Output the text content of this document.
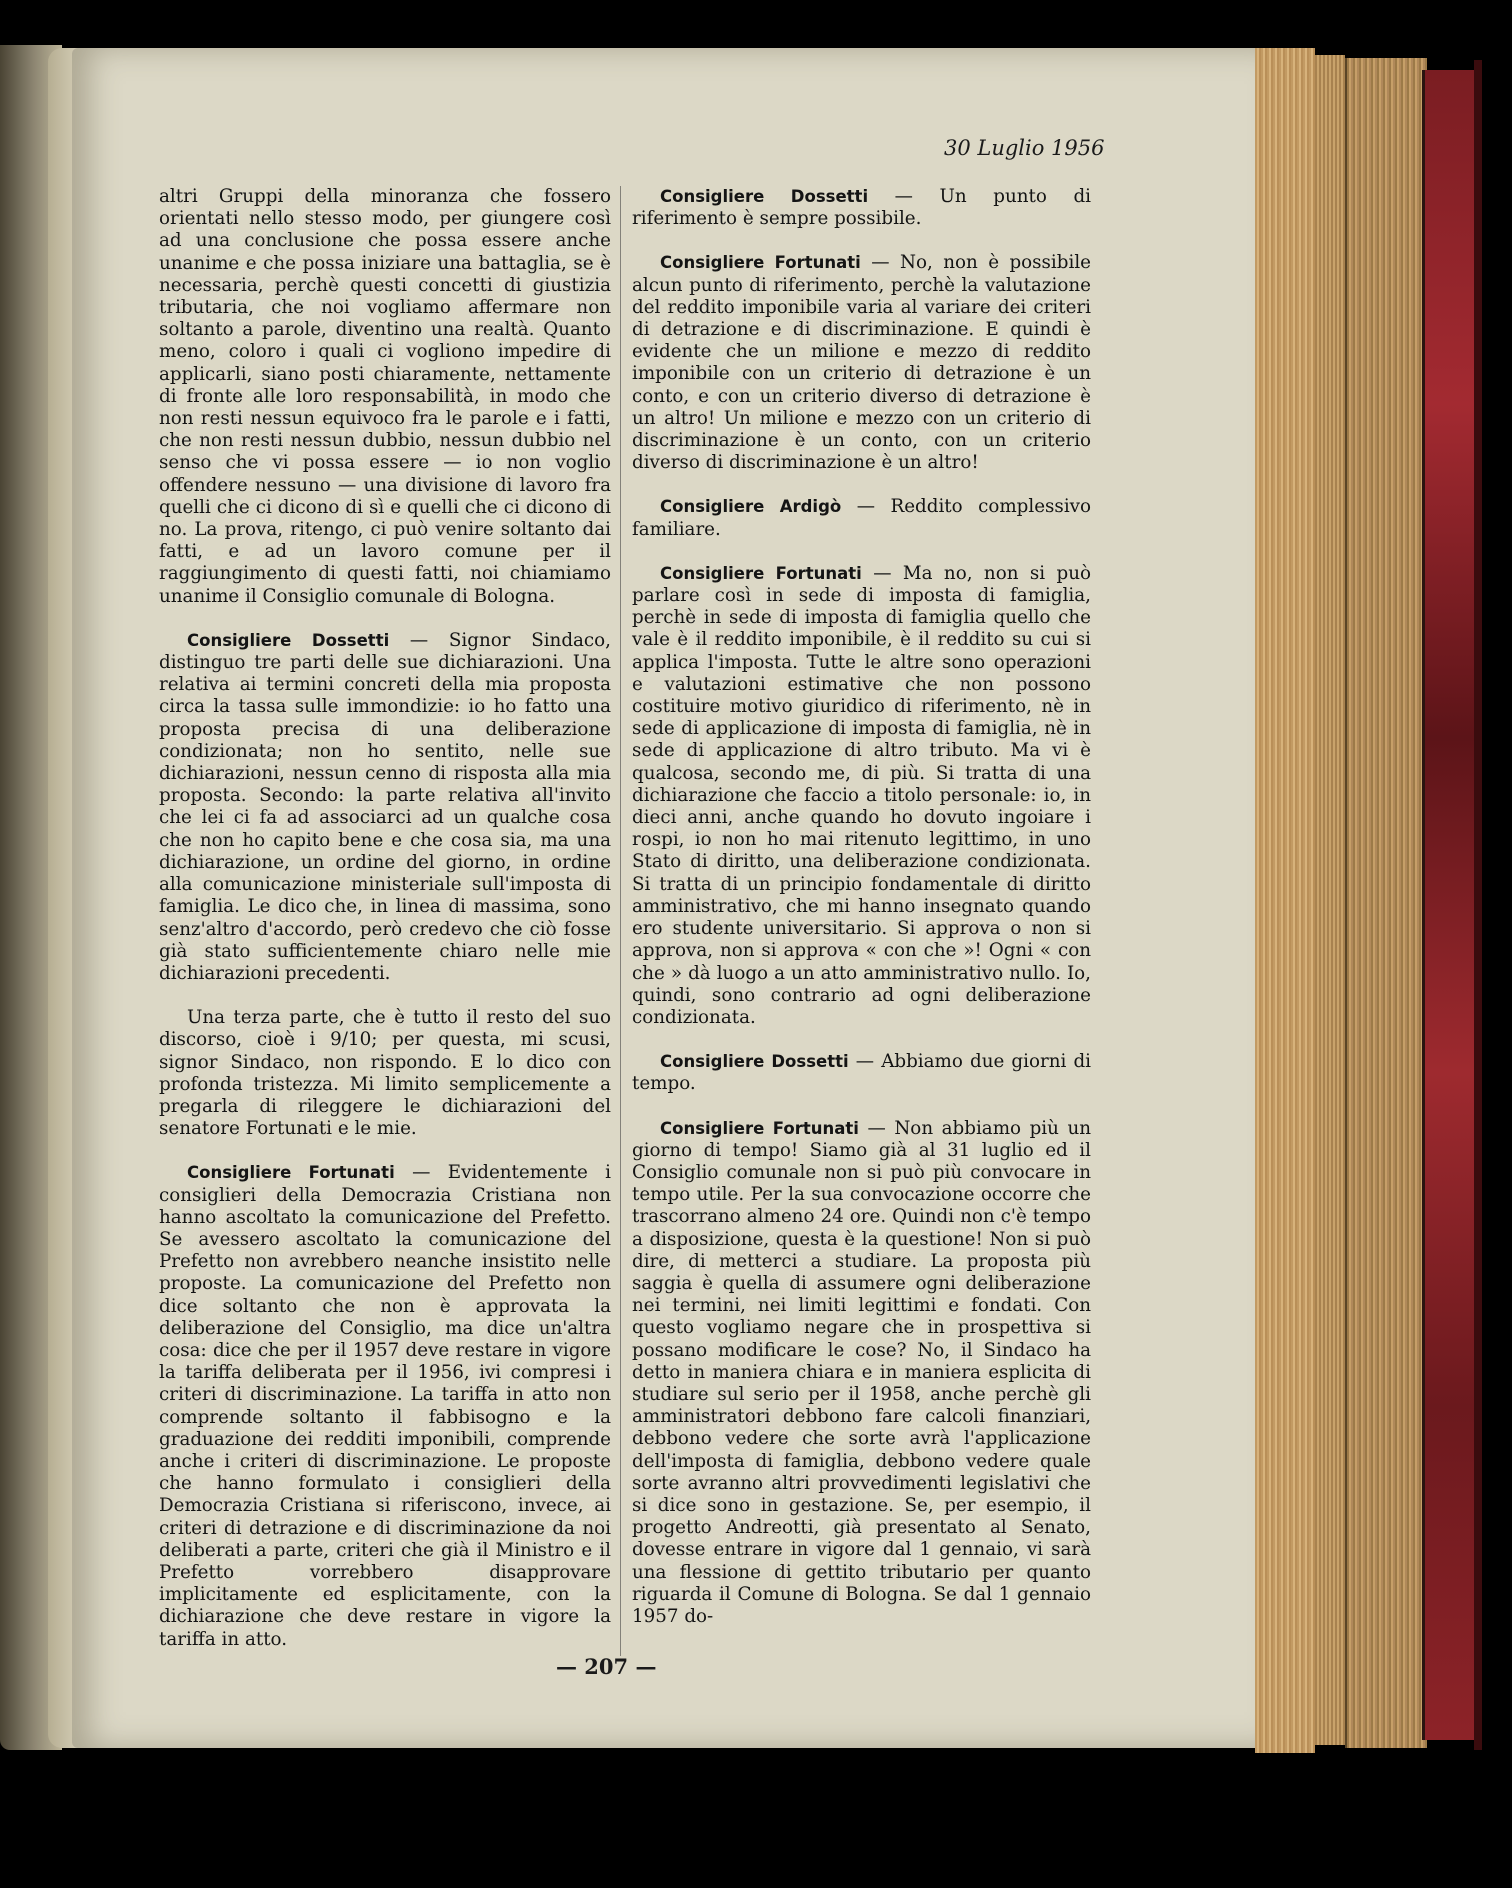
30 Luglio 1956

altri Gruppi della minoranza che fossero orientati nello stesso modo, per giungere così ad una conclusione che possa essere anche unanime e che possa iniziare una battaglia, se è necessaria, perchè questi concetti di giustizia tributaria, che noi vogliamo affermare non soltanto a parole, diventino una realtà. Quanto meno, coloro i quali ci vogliono impedire di applicarli, siano posti chiaramente, nettamente di fronte alle loro responsabilità, in modo che non resti nessun equivoco fra le parole e i fatti, che non resti nessun dubbio, nessun dubbio nel senso che vi possa essere — io non voglio offendere nessuno — una divisione di lavoro fra quelli che ci dicono di sì e quelli che ci dicono di no. La prova, ritengo, ci può venire soltanto dai fatti, e ad un lavoro comune per il raggiungimento di questi fatti, noi chiamiamo unanime il Consiglio comunale di Bologna.

Consigliere Dossetti — Signor Sindaco, distinguo tre parti delle sue dichiarazioni. Una relativa ai termini concreti della mia proposta circa la tassa sulle immondizie: io ho fatto una proposta precisa di una deliberazione condizionata; non ho sentito, nelle sue dichiarazioni, nessun cenno di risposta alla mia proposta. Secondo: la parte relativa all'invito che lei ci fa ad associarci ad un qualche cosa che non ho capito bene e che cosa sia, ma una dichiarazione, un ordine del giorno, in ordine alla comunicazione ministeriale sull'imposta di famiglia. Le dico che, in linea di massima, sono senz'altro d'accordo, però credevo che ciò fosse già stato sufficientemente chiaro nelle mie dichiarazioni precedenti.

Una terza parte, che è tutto il resto del suo discorso, cioè i 9/10; per questa, mi scusi, signor Sindaco, non rispondo. E lo dico con profonda tristezza. Mi limito semplicemente a pregarla di rileggere le dichiarazioni del senatore Fortunati e le mie.

Consigliere Fortunati — Evidentemente i consiglieri della Democrazia Cristiana non hanno ascoltato la comunicazione del Prefetto. Se avessero ascoltato la comunicazione del Prefetto non avrebbero neanche insistito nelle proposte. La comunicazione del Prefetto non dice soltanto che non è approvata la deliberazione del Consiglio, ma dice un'altra cosa: dice che per il 1957 deve restare in vigore la tariffa deliberata per il 1956, ivi compresi i criteri di discriminazione. La tariffa in atto non comprende soltanto il fabbisogno e la graduazione dei redditi imponibili, comprende anche i criteri di discriminazione. Le proposte che hanno formulato i consiglieri della Democrazia Cristiana si riferiscono, invece, ai criteri di detrazione e di discriminazione da noi deliberati a parte, criteri che già il Ministro e il Prefetto vorrebbero disapprovare implicitamente ed esplicitamente, con la dichiarazione che deve restare in vigore la tariffa in atto.

Consigliere Dossetti — Un punto di riferimento è sempre possibile.

Consigliere Fortunati — No, non è possibile alcun punto di riferimento, perchè la valutazione del reddito imponibile varia al variare dei criteri di detrazione e di discriminazione. E quindi è evidente che un milione e mezzo di reddito imponibile con un criterio di detrazione è un conto, e con un criterio diverso di detrazione è un altro! Un milione e mezzo con un criterio di discriminazione è un conto, con un criterio diverso di discriminazione è un altro!

Consigliere Ardigò — Reddito complessivo familiare.

Consigliere Fortunati — Ma no, non si può parlare così in sede di imposta di famiglia, perchè in sede di imposta di famiglia quello che vale è il reddito imponibile, è il reddito su cui si applica l'imposta. Tutte le altre sono operazioni e valutazioni estimative che non possono costituire motivo giuridico di riferimento, nè in sede di applicazione di imposta di famiglia, nè in sede di applicazione di altro tributo. Ma vi è qualcosa, secondo me, di più. Si tratta di una dichiarazione che faccio a titolo personale: io, in dieci anni, anche quando ho dovuto ingoiare i rospi, io non ho mai ritenuto legittimo, in uno Stato di diritto, una deliberazione condizionata. Si tratta di un principio fondamentale di diritto amministrativo, che mi hanno insegnato quando ero studente universitario. Si approva o non si approva, non si approva « con che »! Ogni « con che » dà luogo a un atto amministrativo nullo. Io, quindi, sono contrario ad ogni deliberazione condizionata.

Consigliere Dossetti — Abbiamo due giorni di tempo.

Consigliere Fortunati — Non abbiamo più un giorno di tempo! Siamo già al 31 luglio ed il Consiglio comunale non si può più convocare in tempo utile. Per la sua convocazione occorre che trascorrano almeno 24 ore. Quindi non c'è tempo a disposizione, questa è la questione! Non si può dire, di metterci a studiare. La proposta più saggia è quella di assumere ogni deliberazione nei termini, nei limiti legittimi e fondati. Con questo vogliamo negare che in prospettiva si possano modificare le cose? No, il Sindaco ha detto in maniera chiara e in maniera esplicita di studiare sul serio per il 1958, anche perchè gli amministratori debbono fare calcoli finanziari, debbono vedere che sorte avrà l'applicazione dell'imposta di famiglia, debbono vedere quale sorte avranno altri provvedimenti legislativi che si dice sono in gestazione. Se, per esempio, il progetto Andreotti, già presentato al Senato, dovesse entrare in vigore dal 1 gennaio, vi sarà una flessione di gettito tributario per quanto riguarda il Comune di Bologna. Se dal 1 gennaio 1957 do-

— 207 —
